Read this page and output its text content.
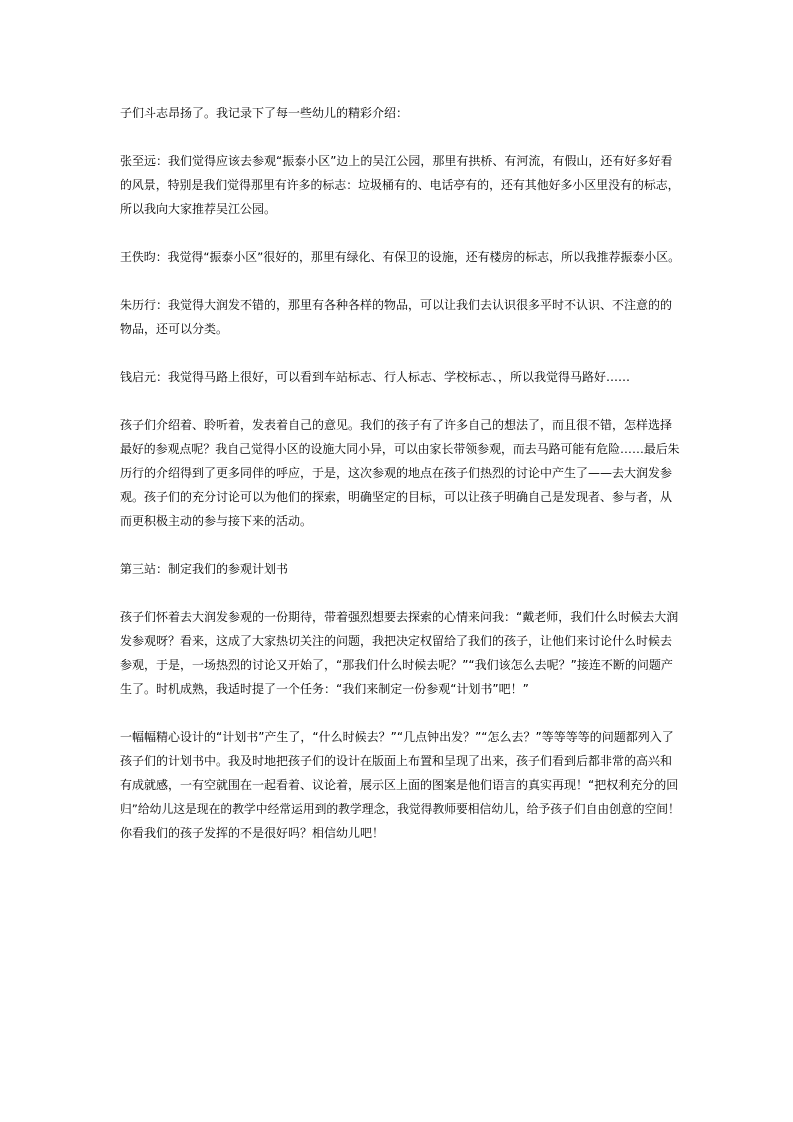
子们斗志昂扬了。我记录下了每一些幼儿的精彩介绍：
张至远：我们觉得应该去参观“振泰小区”边上的吴江公园，那里有拱桥、有河流，有假山，还有好多好看
的风景，特别是我们觉得那里有许多的标志：垃圾桶有的、电话亭有的，还有其他好多小区里没有的标志，
所以我向大家推荐吴江公园。
王佚昀：我觉得“振泰小区”很好的，那里有绿化、有保卫的设施，还有楼房的标志，所以我推荐振泰小区。
朱历行：我觉得大润发不错的，那里有各种各样的物品，可以让我们去认识很多平时不认识、不注意的的
物品，还可以分类。
钱启元：我觉得马路上很好，可以看到车站标志、行人标志、学校标志、，所以我觉得马路好……
孩子们介绍着、聆听着，发表着自己的意见。我们的孩子有了许多自己的想法了，而且很不错，怎样选择
最好的参观点呢？我自己觉得小区的设施大同小异，可以由家长带领参观，而去马路可能有危险……最后朱
历行的介绍得到了更多同伴的呼应，于是，这次参观的地点在孩子们热烈的讨论中产生了——去大润发参
观。孩子们的充分讨论可以为他们的探索，明确坚定的目标，可以让孩子明确自己是发现者、参与者，从
而更积极主动的参与接下来的活动。
第三站：制定我们的参观计划书
孩子们怀着去大润发参观的一份期待，带着强烈想要去探索的心情来问我：“戴老师，我们什么时候去大润
发参观呀？看来，这成了大家热切关注的问题，我把决定权留给了我们的孩子，让他们来讨论什么时候去
参观，于是，一场热烈的讨论又开始了，“那我们什么时候去呢？”“我们该怎么去呢？”接连不断的问题产
生了。时机成熟，我适时提了一个任务：“我们来制定一份参观“计划书”吧！”
一幅幅精心设计的“计划书”产生了，“什么时候去？”“几点钟出发？”“怎么去？”等等等等的问题都列入了
孩子们的计划书中。我及时地把孩子们的设计在版面上布置和呈现了出来，孩子们看到后都非常的高兴和
有成就感，一有空就围在一起看着、议论着，展示区上面的图案是他们语言的真实再现！“把权利充分的回
归”给幼儿这是现在的教学中经常运用到的教学理念，我觉得教师要相信幼儿，给予孩子们自由创意的空间！
你看我们的孩子发挥的不是很好吗？相信幼儿吧！
